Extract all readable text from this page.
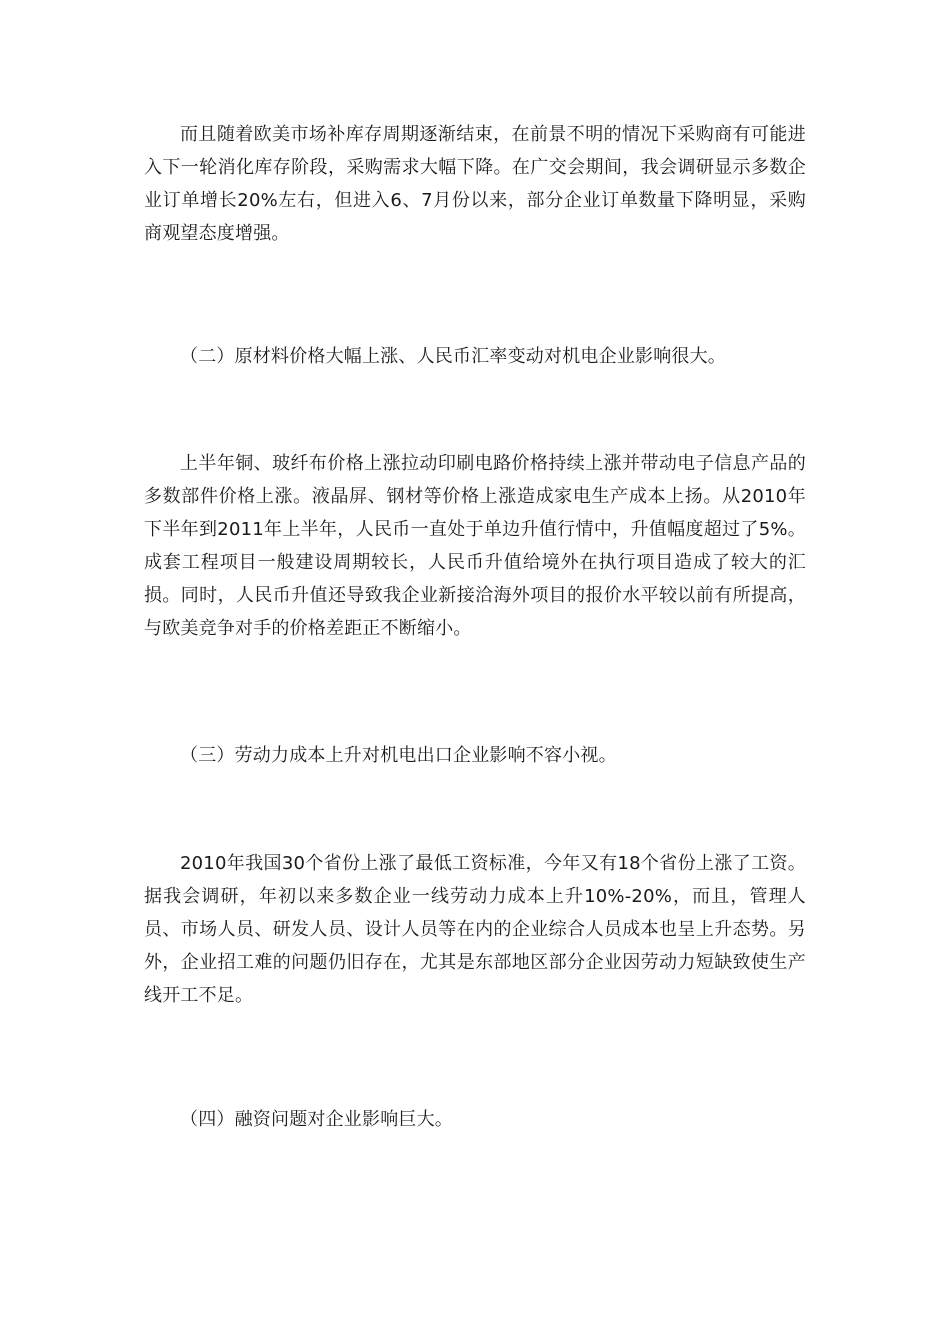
而且随着欧美市场补库存周期逐渐结束，在前景不明的情况下采购商有可能进入下一轮消化库存阶段，采购需求大幅下降。在广交会期间，我会调研显示多数企业订单增长20%左右，但进入6、7月份以来，部分企业订单数量下降明显，采购商观望态度增强。

（二）原材料价格大幅上涨、人民币汇率变动对机电企业影响很大。

上半年铜、玻纤布价格上涨拉动印刷电路价格持续上涨并带动电子信息产品的多数部件价格上涨。液晶屏、钢材等价格上涨造成家电生产成本上扬。从2010年下半年到2011年上半年，人民币一直处于单边升值行情中，升值幅度超过了5%。成套工程项目一般建设周期较长，人民币升值给境外在执行项目造成了较大的汇损。同时，人民币升值还导致我企业新接洽海外项目的报价水平较以前有所提高，与欧美竞争对手的价格差距正不断缩小。

（三）劳动力成本上升对机电出口企业影响不容小视。

2010年我国30个省份上涨了最低工资标准，今年又有18个省份上涨了工资。据我会调研，年初以来多数企业一线劳动力成本上升10%-20%，而且，管理人员、市场人员、研发人员、设计人员等在内的企业综合人员成本也呈上升态势。另外，企业招工难的问题仍旧存在，尤其是东部地区部分企业因劳动力短缺致使生产线开工不足。

（四）融资问题对企业影响巨大。
